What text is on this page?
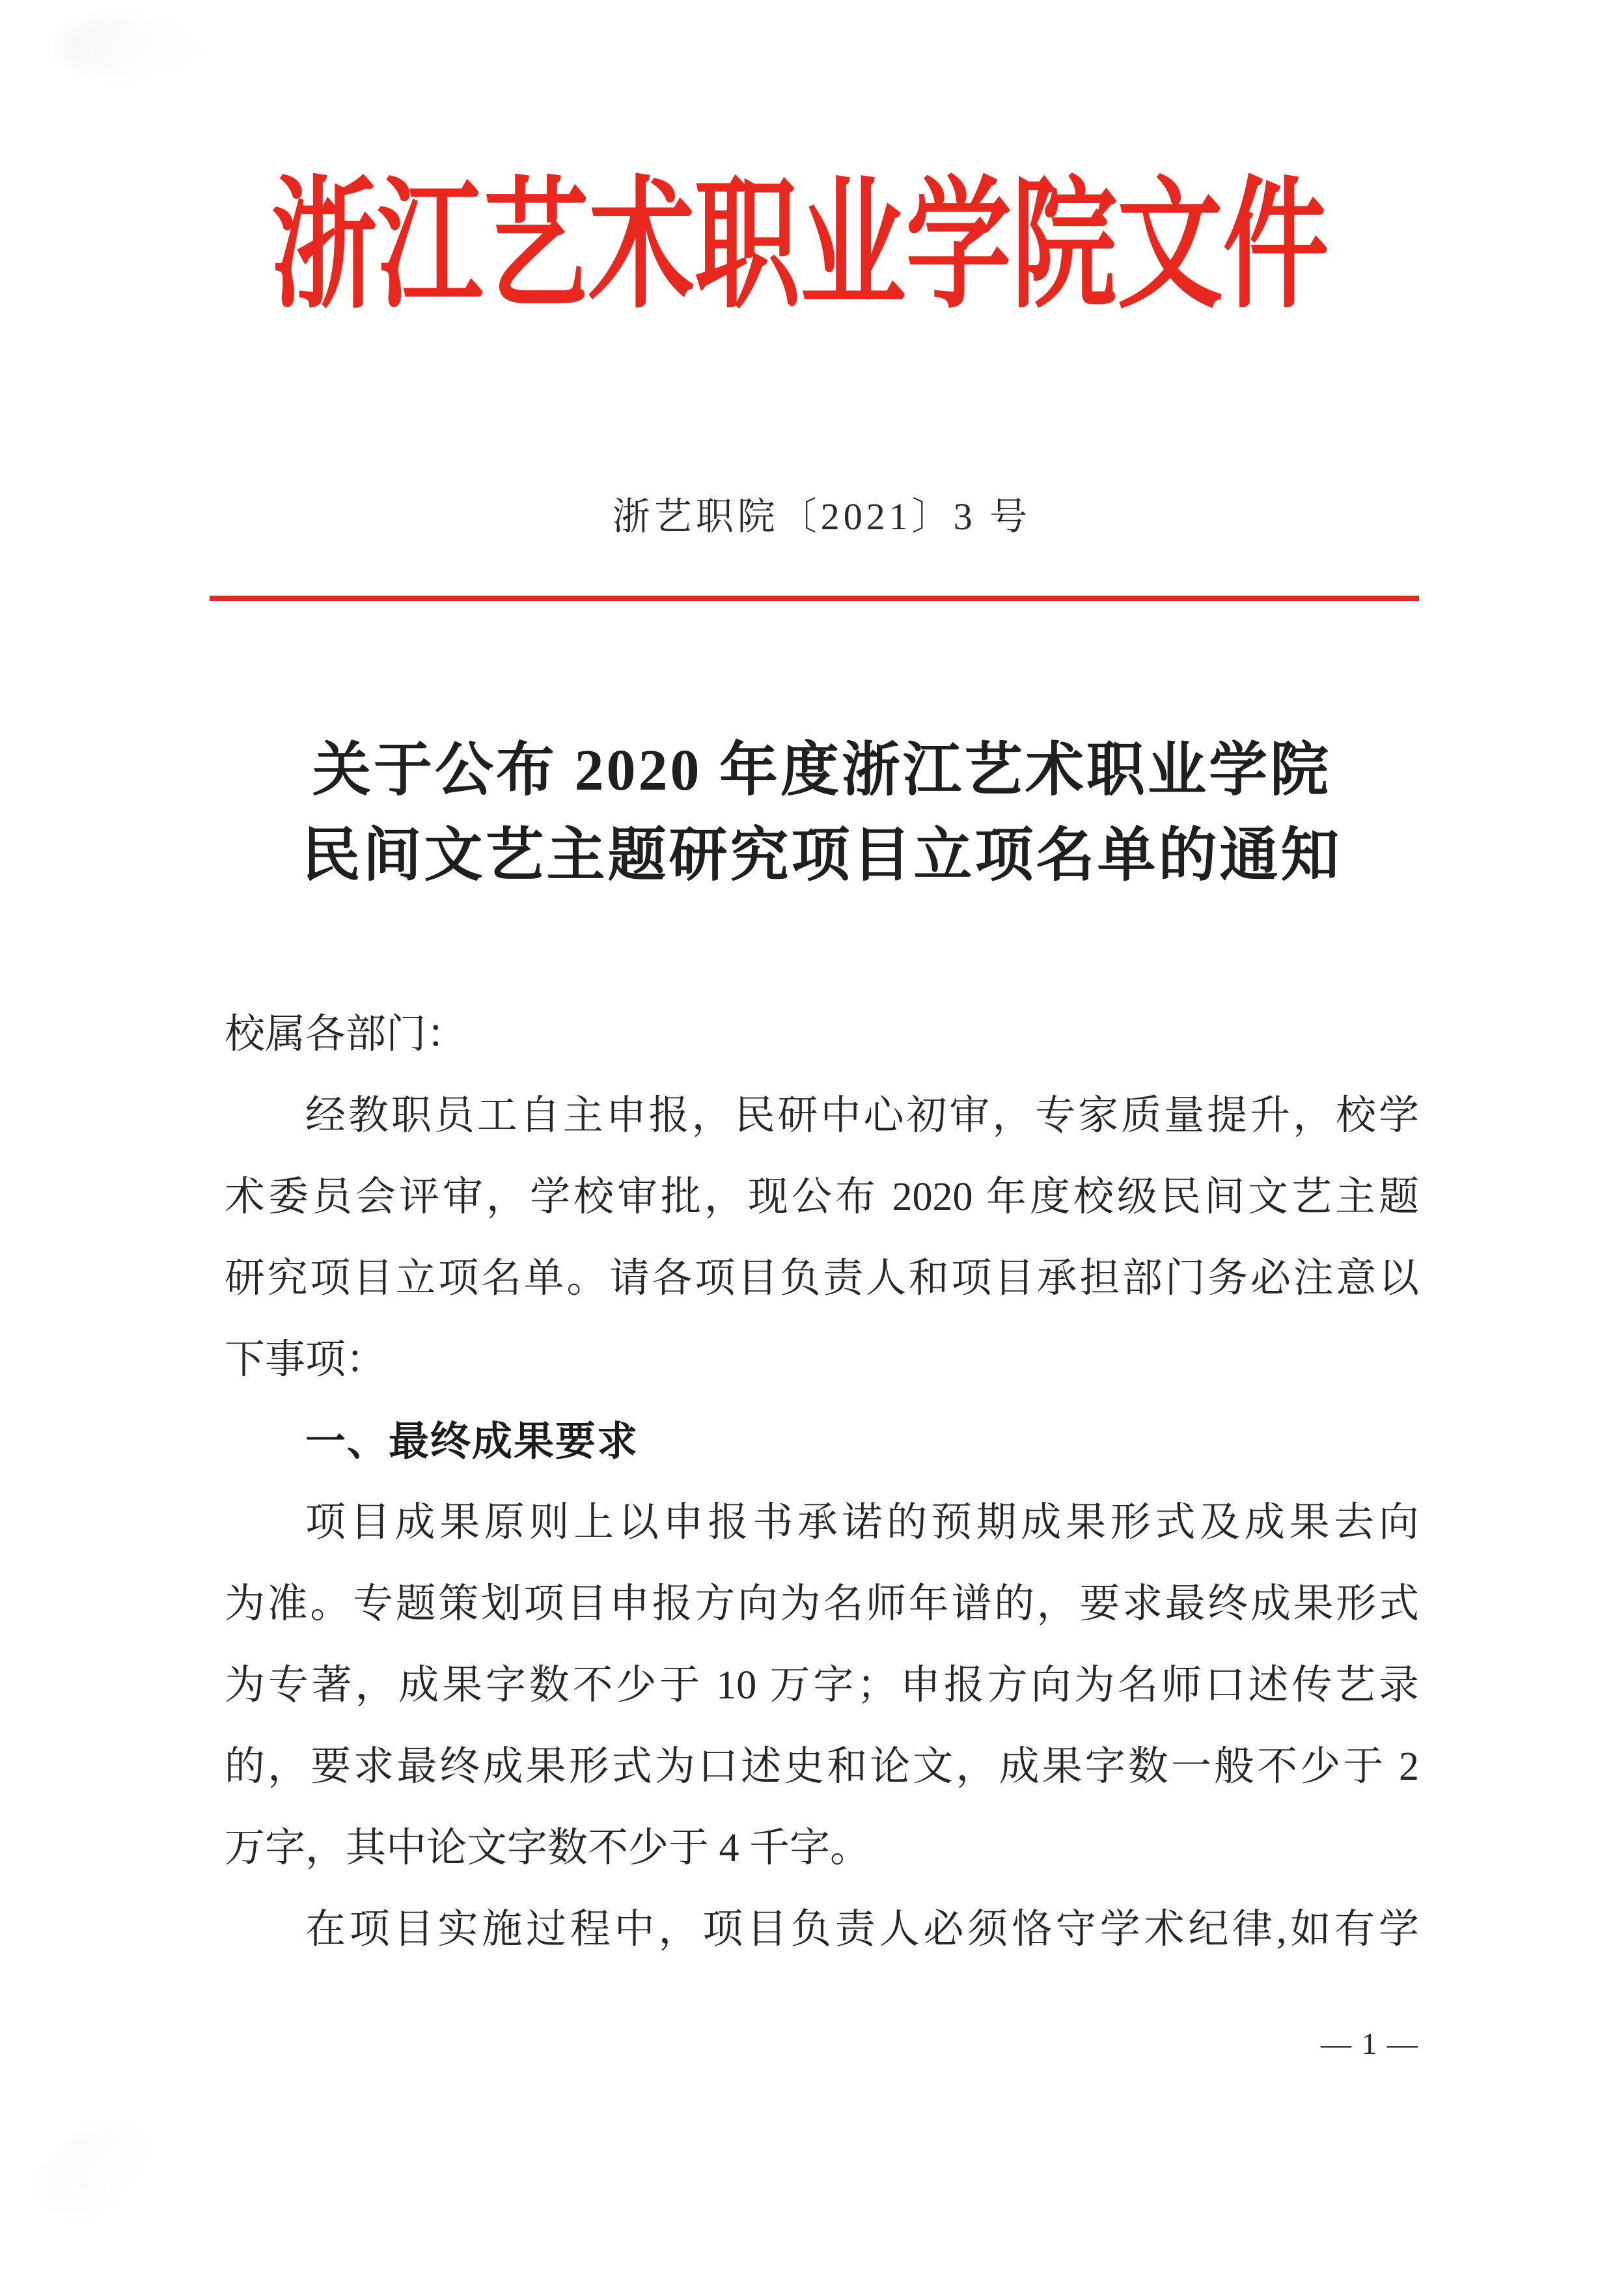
浙江艺术职业学院文件
浙艺职院〔2021〕3 号
关于公布 2020 年度浙江艺术职业学院
民间文艺主题研究项目立项名单的通知
校属各部门：
经教职员工自主申报，民研中心初审，专家质量提升，校学
术委员会评审，学校审批，现公布 2020 年度校级民间文艺主题
研究项目立项名单。请各项目负责人和项目承担部门务必注意以
下事项：
一、最终成果要求
项目成果原则上以申报书承诺的预期成果形式及成果去向
为准。专题策划项目申报方向为名师年谱的，要求最终成果形式
为专著，成果字数不少于 10 万字；申报方向为名师口述传艺录
的，要求最终成果形式为口述史和论文，成果字数一般不少于 2
万字，其中论文字数不少于 4 千字。
在项目实施过程中，项目负责人必须恪守学术纪律,如有学
— 1 —
